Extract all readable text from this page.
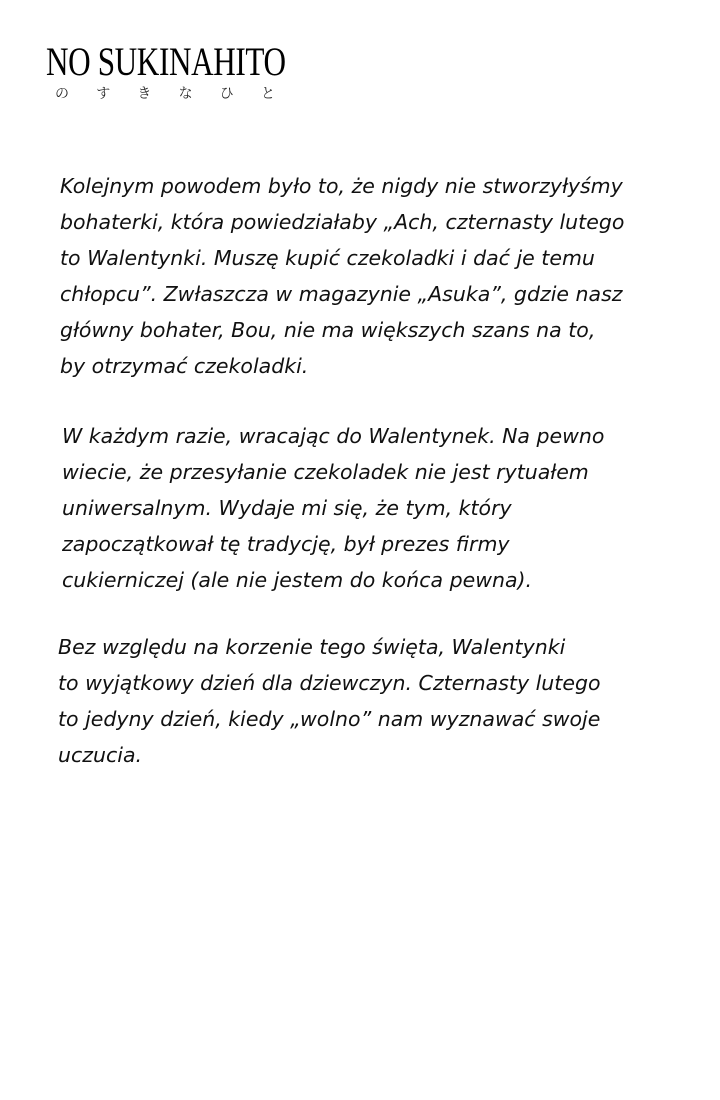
NO SUKINAHITO
の	す	き	な	ひ	と

Kolejnym powodem było to, że nigdy nie stworzyłyśmy
bohaterki, która powiedziałaby „Ach, czternasty lutego
to Walentynki. Muszę kupić czekoladki i dać je temu
chłopcu”. Zwłaszcza w magazynie „Asuka”, gdzie nasz
główny bohater, Bou, nie ma większych szans na to,
by otrzymać czekoladki.

W każdym razie, wracając do Walentynek. Na pewno
wiecie, że przesyłanie czekoladek nie jest rytuałem
uniwersalnym. Wydaje mi się, że tym, który
zapoczątkował tę tradycję, był prezes firmy
cukierniczej (ale nie jestem do końca pewna).

Bez względu na korzenie tego święta, Walentynki
to wyjątkowy dzień dla dziewczyn. Czternasty lutego
to jedyny dzień, kiedy „wolno” nam wyznawać swoje
uczucia.
